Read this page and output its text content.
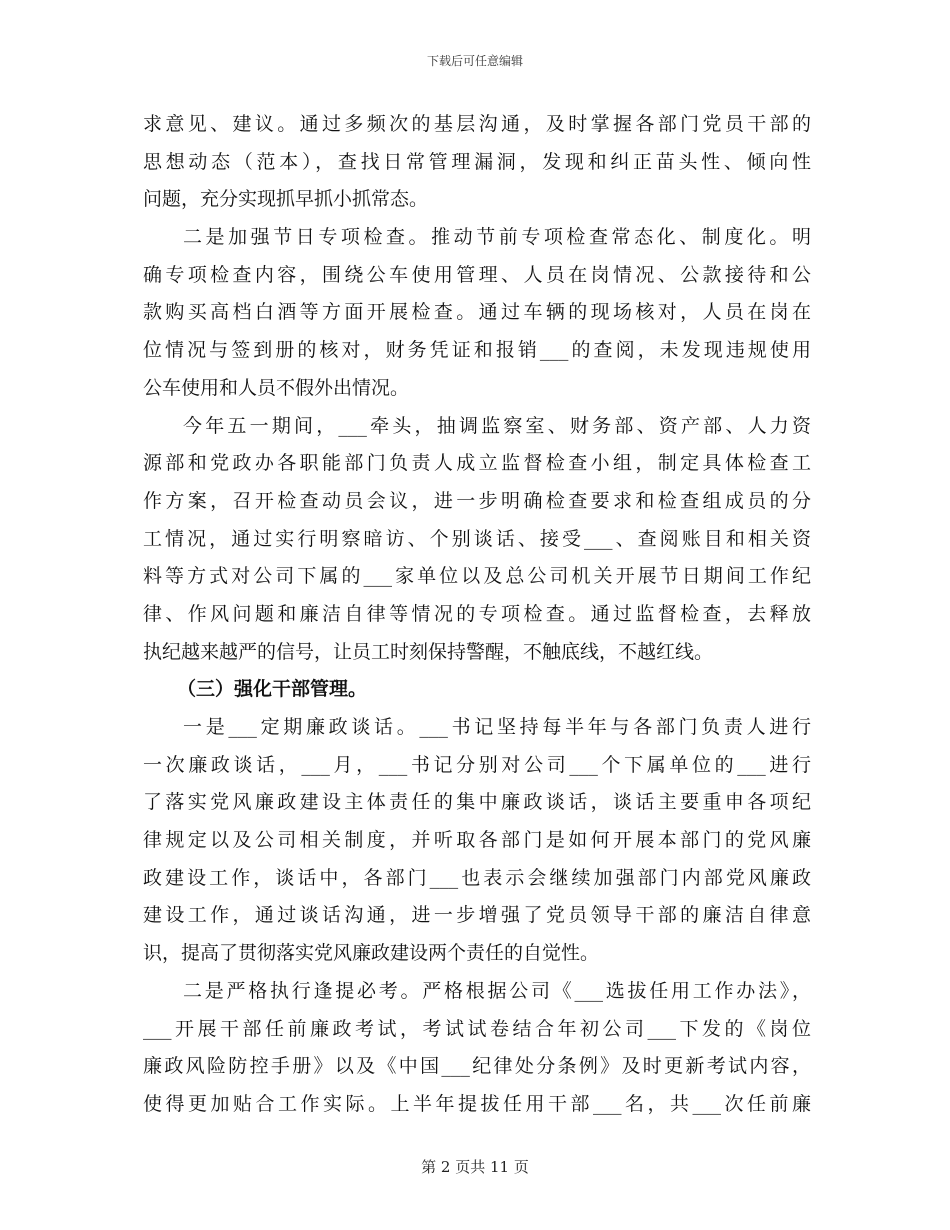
下载后可任意编辑
求意见、建议。通过多频次的基层沟通，及时掌握各部门党员干部的
思想动态（范本），查找日常管理漏洞，发现和纠正苗头性、倾向性
问题，充分实现抓早抓小抓常态。
二是加强节日专项检查。推动节前专项检查常态化、制度化。明
确专项检查内容，围绕公车使用管理、人员在岗情况、公款接待和公
款购买高档白酒等方面开展检查。通过车辆的现场核对，人员在岗在
位情况与签到册的核对，财务凭证和报销___的查阅，未发现违规使用
公车使用和人员不假外出情况。
今年五一期间，___牵头，抽调监察室、财务部、资产部、人力资
源部和党政办各职能部门负责人成立监督检查小组，制定具体检查工
作方案，召开检查动员会议，进一步明确检查要求和检查组成员的分
工情况，通过实行明察暗访、个别谈话、接受___、查阅账目和相关资
料等方式对公司下属的___家单位以及总公司机关开展节日期间工作纪
律、作风问题和廉洁自律等情况的专项检查。通过监督检查，去释放
执纪越来越严的信号，让员工时刻保持警醒，不触底线，不越红线。
（三）强化干部管理。
一是___定期廉政谈话。___书记坚持每半年与各部门负责人进行
一次廉政谈话，___月，___书记分别对公司___个下属单位的___进行
了落实党风廉政建设主体责任的集中廉政谈话，谈话主要重申各项纪
律规定以及公司相关制度，并听取各部门是如何开展本部门的党风廉
政建设工作，谈话中，各部门___也表示会继续加强部门内部党风廉政
建设工作，通过谈话沟通，进一步增强了党员领导干部的廉洁自律意
识，提高了贯彻落实党风廉政建设两个责任的自觉性。
二是严格执行逢提必考。严格根据公司《___选拔任用工作办法》，
___开展干部任前廉政考试，考试试卷结合年初公司___下发的《岗位
廉政风险防控手册》以及《中国___纪律处分条例》及时更新考试内容，
使得更加贴合工作实际。上半年提拔任用干部___名，共___次任前廉
第 2 页共 11 页
